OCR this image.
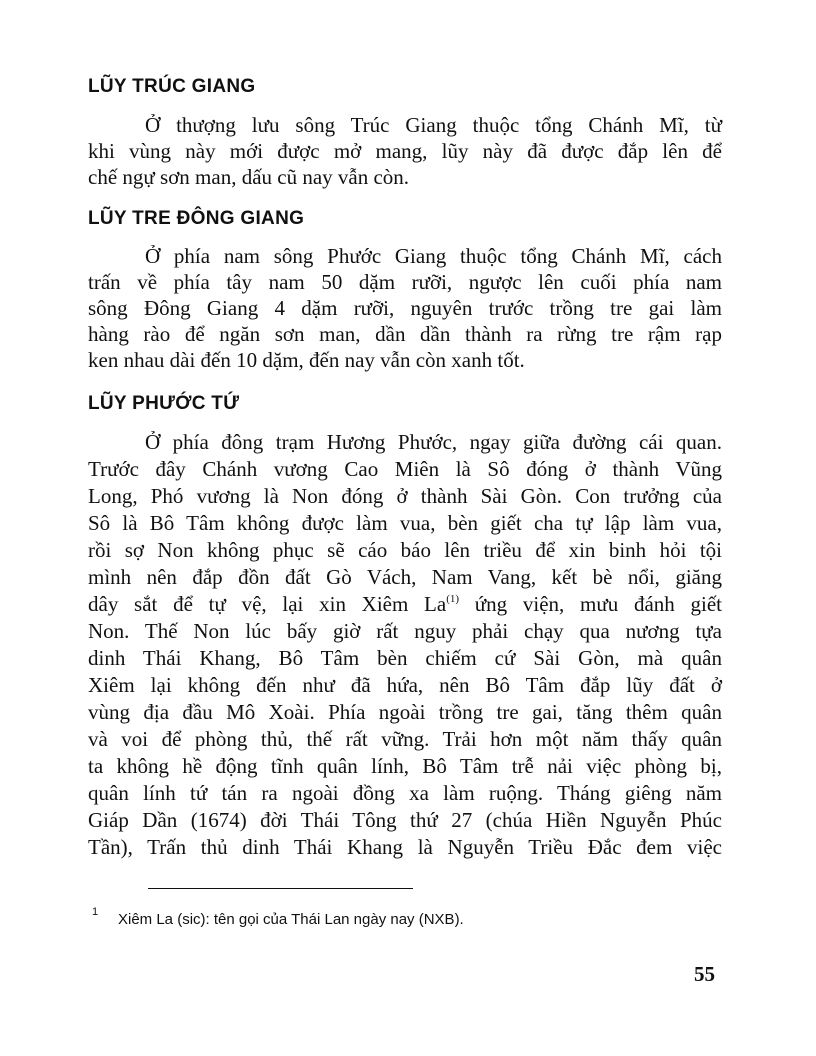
LŨY TRÚC GIANG

Ở thượng lưu sông Trúc Giang thuộc tổng Chánh Mĩ, từ

khi vùng này mới được mở mang, lũy này đã được đắp lên để

chế ngự sơn man, dấu cũ nay vẫn còn.

LŨY TRE ĐÔNG GIANG

Ở phía nam sông Phước Giang thuộc tổng Chánh Mĩ, cách

trấn về phía tây nam 50 dặm rưỡi, ngược lên cuối phía nam

sông Đông Giang 4 dặm rưỡi, nguyên trước trồng tre gai làm

hàng rào để ngăn sơn man, dần dần thành ra rừng tre rậm rạp

ken nhau dài đến 10 dặm, đến nay vẫn còn xanh tốt.

LŨY PHƯỚC TỨ

Ở phía đông trạm Hương Phước, ngay giữa đường cái quan.

Trước đây Chánh vương Cao Miên là Sô đóng ở thành Vũng

Long, Phó vương là Non đóng ở thành Sài Gòn. Con trưởng của

Sô là Bô Tâm không được làm vua, bèn giết cha tự lập làm vua,

rồi sợ Non không phục sẽ cáo báo lên triều để xin binh hỏi tội

mình nên đắp đồn đất Gò Vách, Nam Vang, kết bè nổi, giăng

dây sắt để tự vệ, lại xin Xiêm La$^{(1)}$ ứng viện, mưu đánh giết

Non. Thế Non lúc bấy giờ rất nguy phải chạy qua nương tựa

dinh Thái Khang, Bô Tâm bèn chiếm cứ Sài Gòn, mà quân

Xiêm lại không đến như đã hứa, nên Bô Tâm đắp lũy đất ở

vùng địa đầu Mô Xoài. Phía ngoài trồng tre gai, tăng thêm quân

và voi để phòng thủ, thế rất vững. Trải hơn một năm thấy quân

ta không hề động tĩnh quân lính, Bô Tâm trễ nải việc phòng bị,

quân lính tứ tán ra ngoài đồng xa làm ruộng. Tháng giêng năm

Giáp Dần (1674) đời Thái Tông thứ 27 (chúa Hiền Nguyễn Phúc

Tần), Trấn thủ dinh Thái Khang là Nguyễn Triều Đắc đem việc

1 Xiêm La (sic): tên gọi của Thái Lan ngày nay (NXB).
55
